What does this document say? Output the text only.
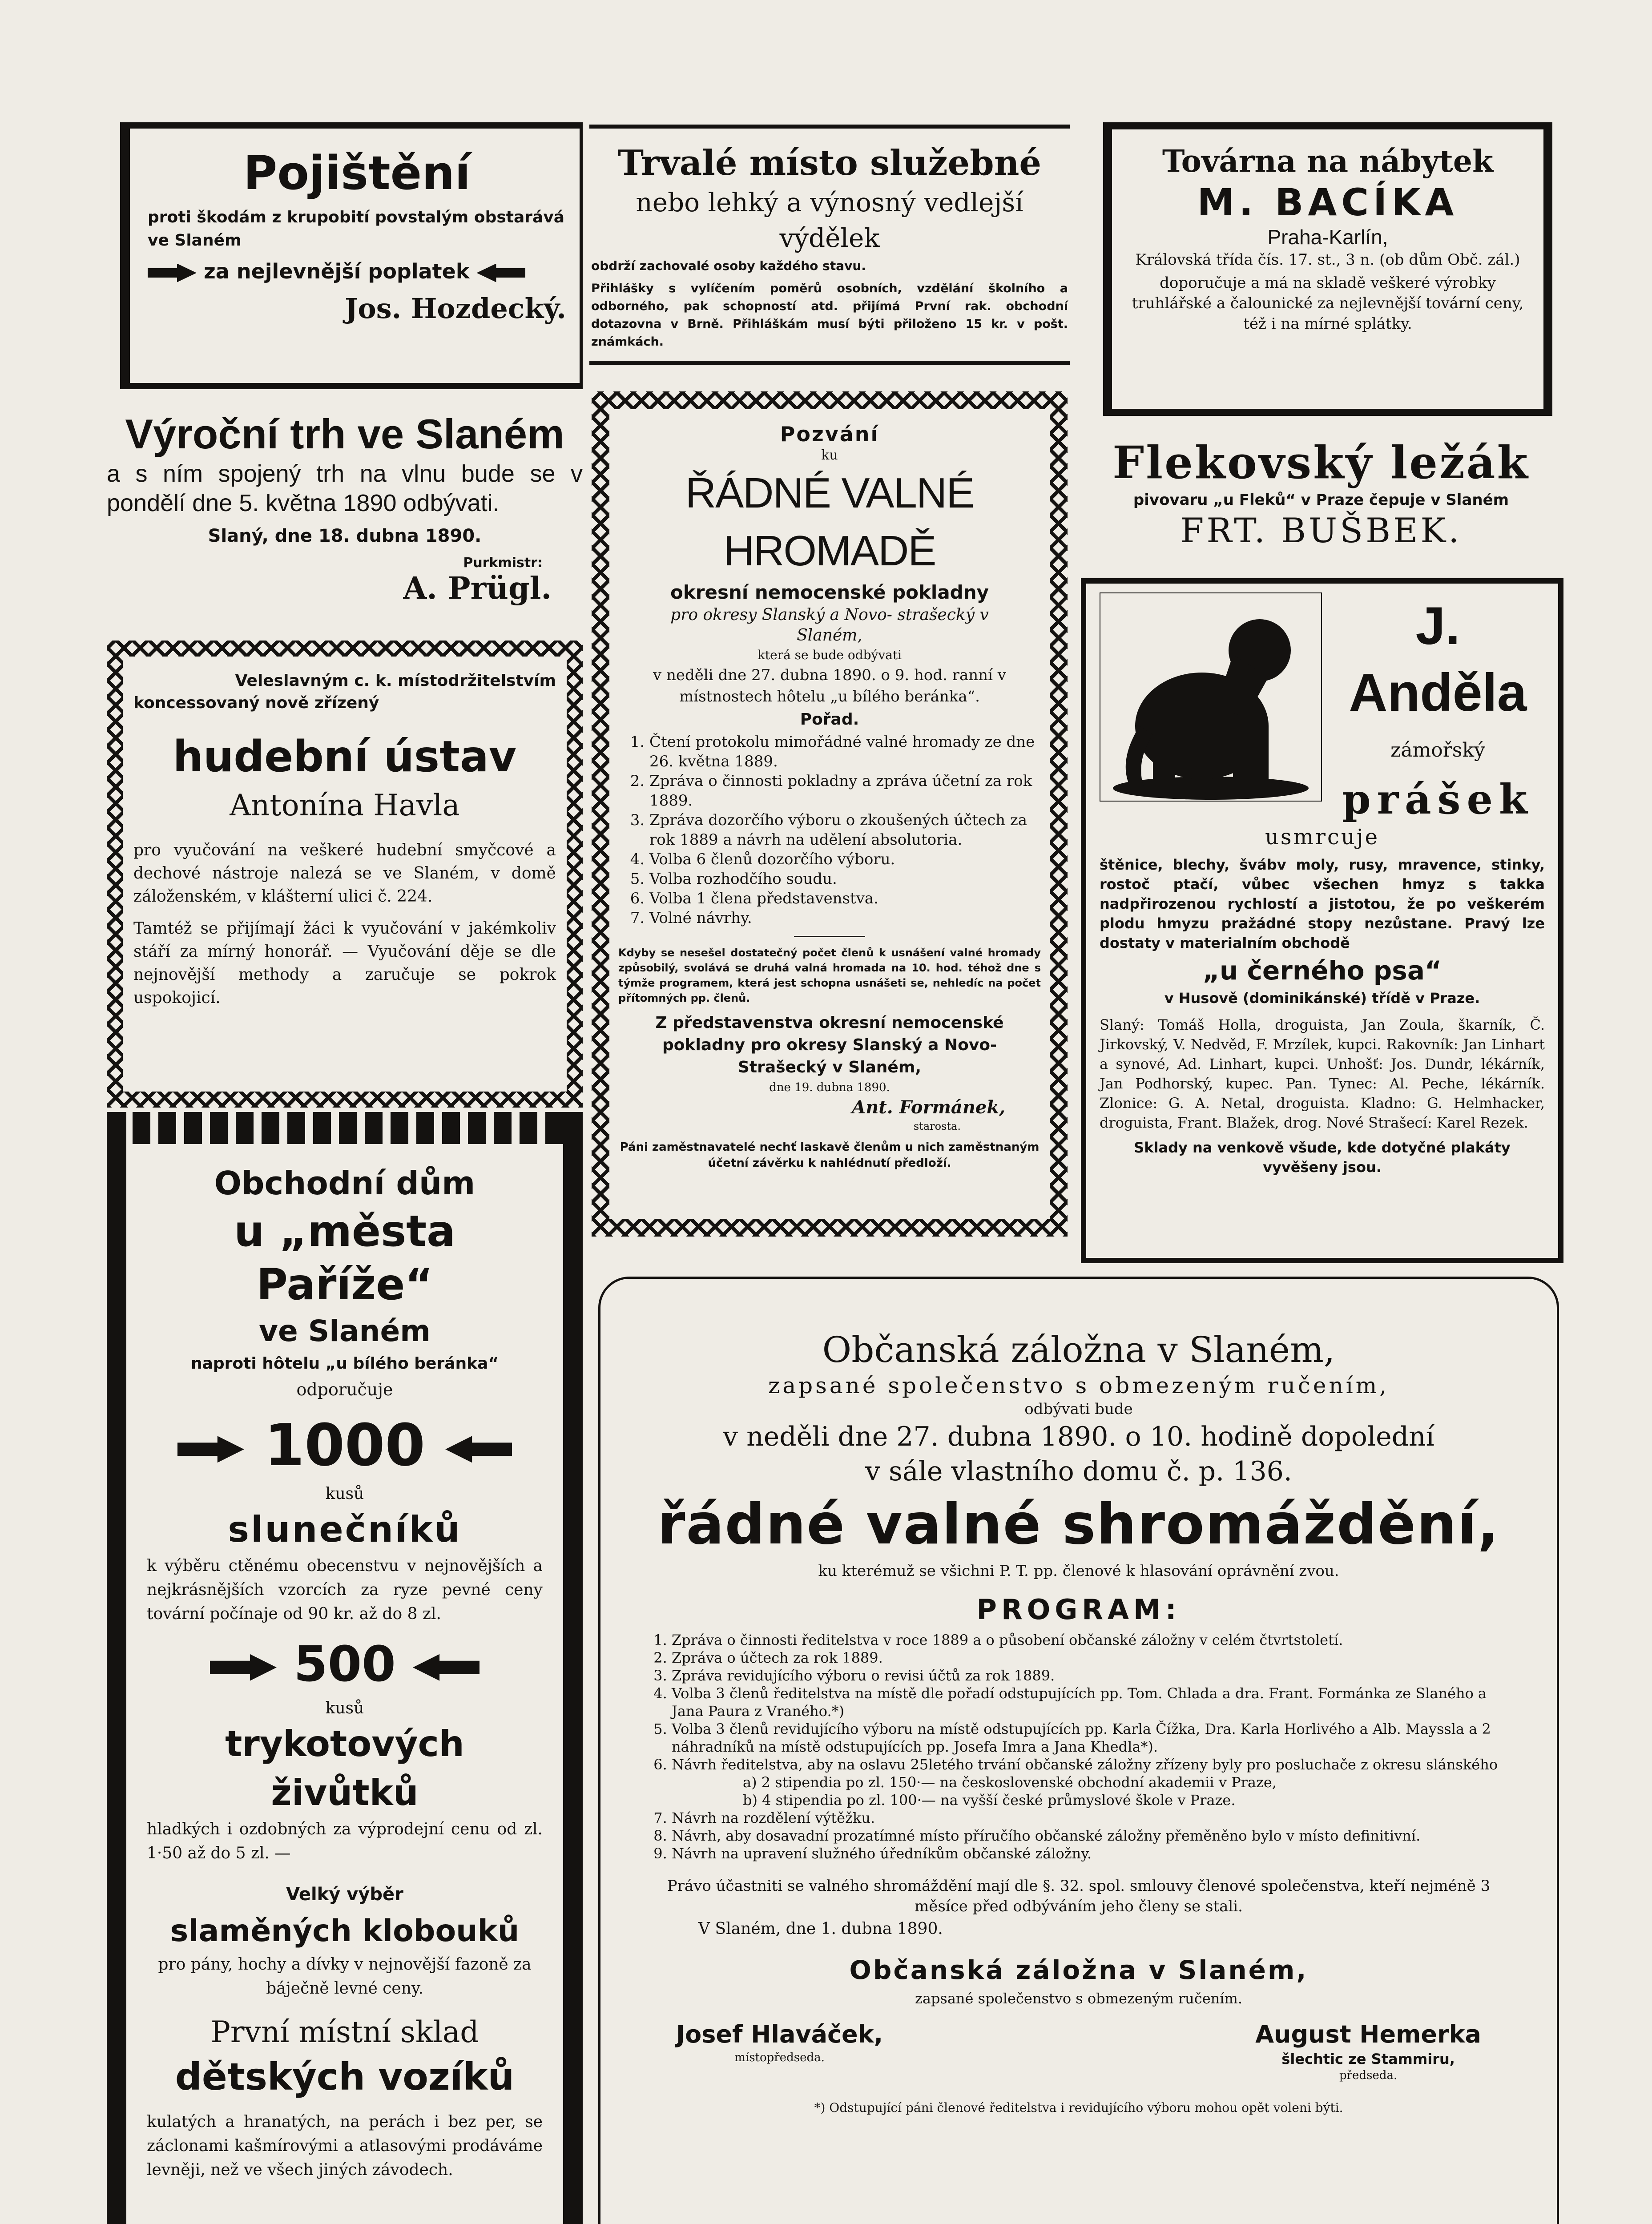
Pojištění
proti škodám z krupobití povstalým obstarává ve Slaném
za nejlevnější poplatek
Jos. Hozdecký.
Výroční trh ve Slaném
a s ním spojený trh na vlnu bude se v pondělí dne 5. května 1890 odbývati.
Slaný, dne 18. dubna 1890.
Purkmistr:
A. Prügl.
Veleslavným c. k. místodržitelstvím
koncessovaný nově zřízený
hudební ústav
Antonína Havla
pro vyučování na veškeré hudební smyčcové a dechové nástroje nalezá se ve Slaném, v domě záloženském, v klášterní ulici č. 224.
Tamtéž se přijímají žáci k vyučování v jakémkoliv stáří za mírný honorář. — Vyučování děje se dle nejnovější methody a zaručuje se pokrok uspokojicí.
Obchodní dům
u „města Paříže“
ve Slaném
naproti hôtelu „u bílého beránka“
odporučuje
1000
kusů
slunečníků
k výběru ctěnému obecenstvu v nejnovějších a nejkrásnějších vzorcích za ryze pevné ceny tovární počínaje od 90 kr. až do 8 zl.
500
kusů
trykotových živůtků
hladkých i ozdobných za výprodejní cenu od zl. 1·50 až do 5 zl. —
Velký výběr
slaměných klobouků
pro pány, hochy a dívky v nejnovější fazoně za báječně levné ceny.
První místní sklad
dětských vozíků
kulatých a hranatých, na perách i bez per, se záclonami kašmírovými a atlasovými prodáváme levněji, než ve všech jiných závodech.
Trvalé místo služebné
nebo lehký a výnosný vedlejší výdělek
obdrží zachovalé osoby každého stavu.
Přihlášky s vylíčením poměrů osobních, vzdělání školního a odborného, pak schopností atd. přijímá První rak. obchodní dotazovna v Brně. Přihláškám musí býti přiloženo 15 kr. v pošt. známkách.
Pozvání
ku
ŘÁDNÉ VALNÉ HROMADĚ
okresní nemocenské pokladny
pro okresy Slanský a Novo- strašecký v Slaném,
která se bude odbývati
v neděli dne 27. dubna 1890. o 9. hod. ranní v místnostech hôtelu „u bílého beránka“.
Pořad.
1. Čtení protokolu mimořádné valné hromady ze dne 26. května 1889.
2. Zpráva o činnosti pokladny a zpráva účetní za rok 1889.
3. Zpráva dozorčího výboru o zkoušených účtech za rok 1889 a návrh na udělení absolutoria.
4. Volba 6 členů dozorčího výboru.
5. Volba rozhodčího soudu.
6. Volba 1 člena představenstva.
7. Volné návrhy.
Kdyby se nesešel dostatečný počet členů k usnášení valné hromady způsobilý, svolává se druhá valná hromada na 10. hod. téhož dne s týmže programem, která jest schopna usnášeti se, nehledíc na počet přítomných pp. členů.
Z představenstva okresní nemocenské pokladny pro okresy Slanský a Novo-Strašecký v Slaném,
dne 19. dubna 1890.
Ant. Formánek,
starosta.
Páni zaměstnavatelé nechť laskavě členům u nich zaměstnaným účetní závěrku k nahlédnutí předloží.
Továrna na nábytek
M. BACÍKA
Praha-Karlín,
Královská třída čís. 17. st., 3 n. (ob dům Obč. zál.)
doporučuje a má na skladě veškeré výrobky truhlářské a čalounické za nejlevnější tovární ceny, též i na mírné splátky.
Flekovský ležák
pivovaru „u Fleků“ v Praze čepuje v Slaném
FRT. BUŠBEK.
J. Anděla
zámořský
prášek
usmrcuje
štěnice, blechy, švábv moly, rusy, mravence, stinky, rostoč ptačí, vůbec všechen hmyz s takka nadpřirozenou rychlostí a jistotou, že po veškerém plodu hmyzu pražádné stopy nezůstane. Pravý lze dostaty v materialním obchodě
„u černého psa“
v Husově (dominikánské) třídě v Praze.
Slaný: Tomáš Holla, droguista, Jan Zoula, škarník, Č. Jirkovský, V. Nedvěd, F. Mrzílek, kupci. Rakovník: Jan Linhart a synové, Ad. Linhart, kupci. Unhošť: Jos. Dundr, lékárník, Jan Podhorský, kupec. Pan. Tynec: Al. Peche, lékárník. Zlonice: G. A. Netal, droguista. Kladno: G. Helmhacker, droguista, Frant. Blažek, drog. Nové Strašecí: Karel Rezek.
Sklady na venkově všude, kde dotyčné plakáty vyvěšeny jsou.
Občanská záložna v Slaném,
zapsané společenstvo s obmezeným ručením,
odbývati bude
v neděli dne 27. dubna 1890. o 10. hodině dopolední
v sále vlastního domu č. p. 136.
řádné valné shromáždění,
ku kterémuž se všichni P. T. pp. členové k hlasování oprávnění zvou.
PROGRAM:
1. Zpráva o činnosti ředitelstva v roce 1889 a o působení občanské záložny v celém čtvrtstoletí.
2. Zpráva o účtech za rok 1889.
3. Zpráva revidujícího výboru o revisi účtů za rok 1889.
4. Volba 3 členů ředitelstva na místě dle pořadí odstupujících pp. Tom. Chlada a dra. Frant. Formánka ze Slaného a Jana Paura z Vraného.*)
5. Volba 3 členů revidujícího výboru na místě odstupujících pp. Karla Čížka, Dra. Karla Horlivého a Alb. Mayssla a 2 náhradníků na místě odstupujících pp. Josefa Imra a Jana Khedla*).
6. Návrh ředitelstva, aby na oslavu 25letého trvání občanské záložny zřízeny byly pro posluchače z okresu slánského
a) 2 stipendia po zl. 150·— na československé obchodní akademii v Praze,
b) 4 stipendia po zl. 100·— na vyšší české průmyslové škole v Praze.
7. Návrh na rozdělení výtěžku.
8. Návrh, aby dosavadní prozatímné místo příručího občanské záložny přeměněno bylo v místo definitivní.
9. Návrh na upravení služného úředníkům občanské záložny.
Právo účastniti se valného shromáždění mají dle §. 32. spol. smlouvy členové společenstva, kteří nejméně 3 měsíce před odbýváním jeho členy se stali.
V Slaném, dne 1. dubna 1890.
Občanská záložna v Slaném,
zapsané společenstvo s obmezeným ručením.
Josef Hlaváček,
místopředseda.
August Hemerka
šlechtic ze Stammiru,
předseda.
*) Odstupující páni členové ředitelstva i revidujícího výboru mohou opět voleni býti.
